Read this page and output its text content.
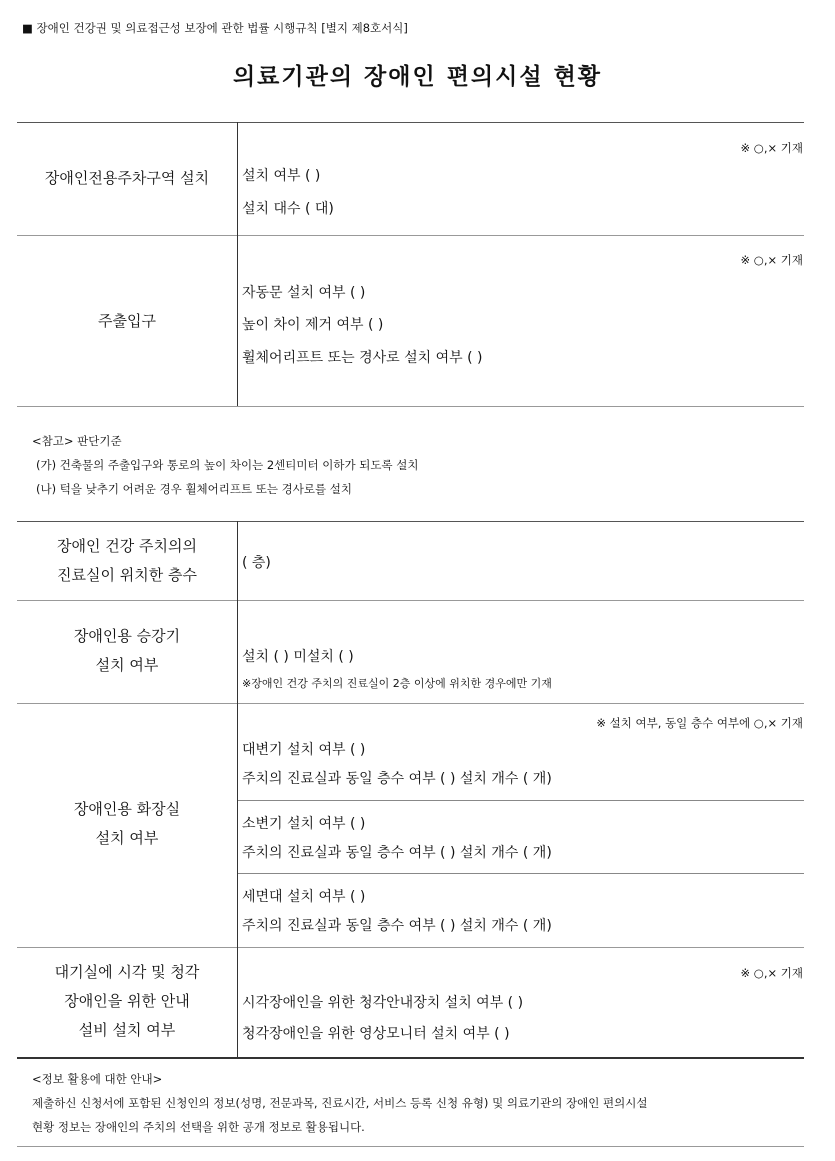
■ 장애인 건강권 및 의료접근성 보장에 관한 법률 시행규칙 [별지 제8호서식]
의료기관의 장애인 편의시설 현황
장애인전용주차구역 설치
※ ○,× 기재
설치 여부 ( )
설치 대수 ( 대)
주출입구
※ ○,× 기재
자동문 설치 여부 ( )
높이 차이 제거 여부 ( )
휠체어리프트 또는 경사로 설치 여부 ( )
<참고> 판단기준
(가) 건축물의 주출입구와 통로의 높이 차이는 2센티미터 이하가 되도록 설치
(나) 턱을 낮추기 어려운 경우 휠체어리프트 또는 경사로를 설치
장애인 건강 주치의의
진료실이 위치한 층수
( 층)
장애인용 승강기
설치 여부	설치 ( ) 미설치 ( )
※장애인 건강 주치의 진료실이 2층 이상에 위치한 경우에만 기재
장애인용 화장실
설치 여부
※ 설치 여부, 동일 층수 여부에 ○,× 기재
대변기 설치 여부 ( )
주치의 진료실과 동일 층수 여부 ( ) 설치 개수 ( 개)
소변기 설치 여부 ( )
주치의 진료실과 동일 층수 여부 ( ) 설치 개수 ( 개)
세면대 설치 여부 ( )
주치의 진료실과 동일 층수 여부 ( ) 설치 개수 ( 개)
대기실에 시각 및 청각
장애인을 위한 안내
설비 설치 여부
※ ○,× 기재
시각장애인을 위한 청각안내장치 설치 여부 ( )
청각장애인을 위한 영상모니터 설치 여부 ( )
<정보 활용에 대한 안내>
제출하신 신청서에 포함된 신청인의 정보(성명, 전문과목, 진료시간, 서비스 등록 신청 유형) 및 의료기관의 장애인 편의시설
현황 정보는 장애인의 주치의 선택을 위한 공개 정보로 활용됩니다.
